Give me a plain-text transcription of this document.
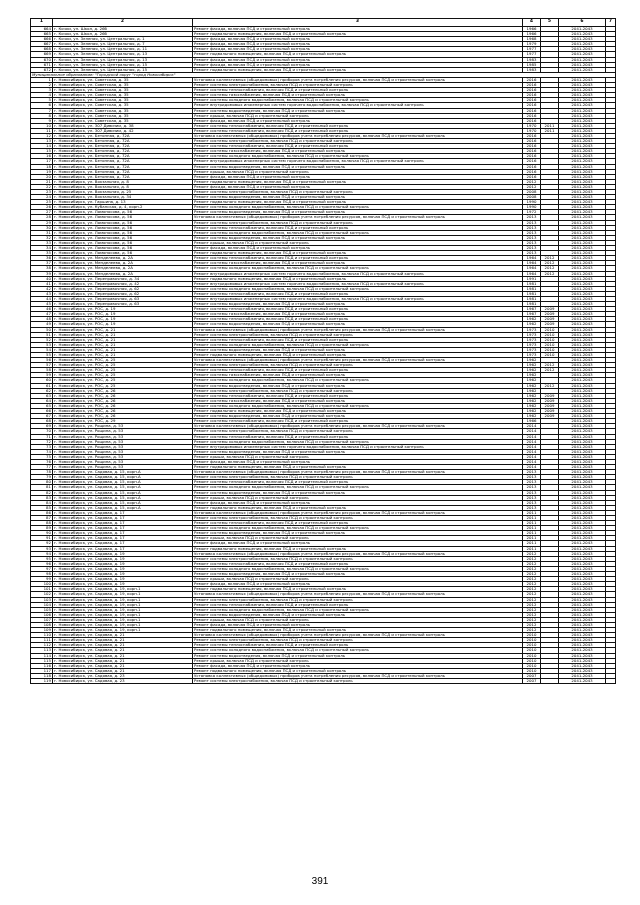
1	2	3	4	5	6	7
664	г. Кочки, ул. Школ, д. 26б	Ремонт фасада, включая ПСД и строительный контроль	1966		2041-2043	
665	г. Кочки, ул. Школ, д. 26б	Ремонт подвального помещения, включая ПСД и строительный контроль	1966		2041-2043	
666	г. Кочки, ул. Зеленая, ул. Центральная, д. 1	Ремонт фасада, включая ПСД и строительный контроль	1968		2041-2043	
667	г. Кочки, ул. Зеленая, ул. Центральная, д. 7	Ремонт фасада, включая ПСД и строительный контроль	1979		2041-2043	
668	г. Кочки, ул. Зеленая, ул. Центральная, д. 11	Ремонт фасада, включая ПСД и строительный контроль	1977		2041-2043	
669	г. Кочки, ул. Зеленая, ул. Центральная, д. 13	Ремонт подвального помещения, включая ПСД и строительный контроль	1977		2041-2043	
670	г. Кочки, ул. Зеленая, ул. Центральная, д. 13	Ремонт фасада, включая ПСД и строительный контроль	1983		2041-2043	
671	г. Кочки, ул. Зеленая, ул. Центральная, д. 15	Ремонт фасада, включая ПСД и строительный контроль	1985		2041-2043	
672	г. Кочки, ул. Зеленая, ул. Центральная, д. 15	Ремонт подвального помещения, включая ПСД и строительный контроль	1983		2041-2043	
Муниципальное образование: "Городской округ "город Новосибирск"						
1	г. Новосибирск, ул. Советская, д. 35	Установка коллективных (общедомовых) приборов учета потребления ресурсов, включая ПСД и строительный контроль	2016		2041-2043	
2	г. Новосибирск, ул. Советская, д. 35	Ремонт системы электроснабжения, включая ПСД и строительный контроль	2016		2041-2043	
3	г. Новосибирск, ул. Советская, д. 35	Ремонт системы теплоснабжения, включая ПСД и строительный контроль	2016		2041-2043	
4	г. Новосибирск, ул. Советская, д. 35	Ремонт системы газоснабжения, включая ПСД и строительный контроль	2016		2041-2043	
5	г. Новосибирск, ул. Советская, д. 35	Ремонт системы холодного водоснабжения, включая ПСД и строительный контроль	2016		2041-2043	
6	г. Новосибирск, ул. Советская, д. 35	Ремонт внутридомовых инженерных систем горячего водоснабжения, включая ПСД и строительный контроль	2016		2041-2043	
7	г. Новосибирск, ул. Советская, д. 35	Ремонт системы водоотведения, включая ПСД и строительный контроль	2016		2041-2043	
8	г. Новосибирск, ул. Советская, д. 35	Ремонт крыши, включая ПСД и строительный контроль	2016		2041-2043	
9	г. Новосибирск, ул. Советская, д. 35	Ремонт фасада, включая ПСД и строительный контроль	2016		2041-2043	
10	г. Новосибирск, ул. 307 Дивизии, д. 38	Ремонт системы теплоснабжения, включая ПСД и строительный контроль	1970	2011	2041-2043	
11	г. Новосибирск, ул. 307 Дивизии, д. 42	Ремонт системы теплоснабжения, включая ПСД и строительный контроль	1970	2011	2041-2043	
12	г. Новосибирск, ул. Бетонная, д. 72А	Установка коллективных (общедомовых) приборов учета потребления ресурсов, включая ПСД и строительный контроль	2016		2041-2043	
13	г. Новосибирск, ул. Бетонная, д. 72А	Ремонт системы электроснабжения, включая ПСД и строительный контроль	2016		2041-2043	
14	г. Новосибирск, ул. Бетонная, д. 72А	Ремонт системы теплоснабжения, включая ПСД и строительный контроль	2016		2041-2043	
15	г. Новосибирск, ул. Бетонная, д. 72А	Ремонт системы газоснабжения, включая ПСД и строительный контроль	2016		2041-2043	
16	г. Новосибирск, ул. Бетонная, д. 72А	Ремонт системы холодного водоснабжения, включая ПСД и строительный контроль	2016		2041-2043	
17	г. Новосибирск, ул. Бетонная, д. 72А	Ремонт внутридомовых инженерных систем горячего водоснабжения, включая ПСД и строительный контроль	2016		2041-2043	
18	г. Новосибирск, ул. Бетонная, д. 72А	Ремонт системы водоотведения, включая ПСД и строительный контроль	2016		2041-2043	
19	г. Новосибирск, ул. Бетонная, д. 72А	Ремонт крыши, включая ПСД и строительный контроль	2016		2041-2043	
20	г. Новосибирск, ул. Бетонная, д. 72А	Ремонт фасада, включая ПСД и строительный контроль	2016		2041-2043	
21	г. Новосибирск, ул. Вокзальная, д. 8	Ремонт подвального помещения, включая ПСД и строительный контроль	2012		2041-2043	
22	г. Новосибирск, ул. Вокзальная, д. 8	Ремонт фасада, включая ПСД и строительный контроль	2012		2041-2043	
23	г. Новосибирск, ул. Вокзальная, д. 25	Ремонт системы электроснабжения, включая ПСД и строительный контроль	2008		2041-2043	
24	г. Новосибирск, ул. Вокзальная, д. 34	Ремонт системы водоотведения, включая ПСД и строительный контроль	2008		2041-2043	
25	г. Новосибирск, ул. Гаршина, д. 13	Ремонт подвального помещения, включая ПСД и строительный контроль	1990		2041-2043	
26	г. Новосибирск, ул. Кубанская, д. 4, корп.2	Ремонт системы холодного водоснабжения, включая ПСД и строительный контроль	1990		2041-2043	
27	г. Новосибирск, ул. Ломоносова, д. 56	Ремонт системы водоотведения, включая ПСД и строительный контроль	1972		2041-2043	
28	г. Новосибирск, ул. Ломоносова, д. 56	Установка коллективных (общедомовых) приборов учета потребления ресурсов, включая ПСД и строительный контроль	2013		2041-2043	
29	г. Новосибирск, ул. Ломоносова, д. 56	Ремонт системы электроснабжения, включая ПСД и строительный контроль	2013		2041-2043	
30	г. Новосибирск, ул. Ломоносова, д. 56	Ремонт системы теплоснабжения, включая ПСД и строительный контроль	2013		2041-2043	
31	г. Новосибирск, ул. Ломоносова, д. 56	Ремонт системы холодного водоснабжения, включая ПСД и строительный контроль	2013		2041-2043	
32	г. Новосибирск, ул. Ломоносова, д. 56	Ремонт системы водоотведения, включая ПСД и строительный контроль	2013		2041-2043	
33	г. Новосибирск, ул. Ломоносова, д. 56	Ремонт крыши, включая ПСД и строительный контроль	2013		2041-2043	
34	г. Новосибирск, ул. Ломоносова, д. 56	Ремонт фасада, включая ПСД и строительный контроль	2013		2041-2043	
35	г. Новосибирск, ул. Ломоносова, д. 56	Ремонт подвального помещения, включая ПСД и строительный контроль	2013		2041-2043	
36	г. Новосибирск, ул. Менделеева, д. 2А	Ремонт системы теплоснабжения, включая ПСД и строительный контроль	1964	2012	2041-2043	
37	г. Новосибирск, ул. Менделеева, д. 2А	Ремонт системы газоснабжения, включая ПСД и строительный контроль	1964	2012	2041-2043	
38	г. Новосибирск, ул. Менделеева, д. 2А	Ремонт системы холодного водоснабжения, включая ПСД и строительный контроль	1964	2012	2041-2043	
39	г. Новосибирск, ул. Менделеева, д. 2А	Ремонт внутридомовых инженерных систем горячего водоснабжения, включая ПСД и строительный контроль	1964	2012	2041-2043	
40	г. Новосибирск, ул. Переправочная, д. 34	Ремонт подвального помещения, включая ПСД и строительный контроль	1991		2041-2043	
41	г. Новосибирск, ул. Переправочная, д. 42	Ремонт внутридомовых инженерных систем горячего водоснабжения, включая ПСД и строительный контроль	1981		2041-2043	
42	г. Новосибирск, ул. Переправочная, д. 62	Ремонт системы холодного водоснабжения, включая ПСД и строительный контроль	1981		2041-2043	
43	г. Новосибирск, ул. Переправочная, д. 62	Ремонт системы теплоснабжения, включая ПСД и строительный контроль	1981		2041-2043	
44	г. Новосибирск, ул. Переправочная, д. 63	Ремонт внутридомовых инженерных систем горячего водоснабжения, включая ПСД и строительный контроль	1981		2041-2043	
45	г. Новосибирск, ул. Переправочная, д. 63	Ремонт системы водоотведения, включая ПСД и строительный контроль	1981		2041-2043	
46	г. Новосибирск, ул. РОС, д. 19	Ремонт системы теплоснабжения, включая ПСД и строительный контроль	1967	2009	2041-2043	
47	г. Новосибирск, ул. РОС, д. 19	Ремонт системы газоснабжения, включая ПСД и строительный контроль	1967	2009	2041-2043	
48	г. Новосибирск, ул. РОС, д. 19	Ремонт системы теплоснабжения, включая ПСД и строительный контроль	1962	2009	2041-2043	
49	г. Новосибирск, ул. РОС, д. 19	Ремонт системы водоотведения, включая ПСД и строительный контроль	1962	2009	2041-2043	
50	г. Новосибирск, ул. РОС, д. 21	Установка коллективных (общедомовых) приборов учета потребления ресурсов, включая ПСД и строительный контроль	1973	2010	2041-2043	
51	г. Новосибирск, ул. РОС, д. 21	Ремонт системы электроснабжения, включая ПСД и строительный контроль	1973	2010	2041-2043	
52	г. Новосибирск, ул. РОС, д. 21	Ремонт системы теплоснабжения, включая ПСД и строительный контроль	1973	2010	2041-2043	
53	г. Новосибирск, ул. РОС, д. 21	Ремонт системы холодного водоснабжения, включая ПСД и строительный контроль	1973	2010	2041-2043	
54	г. Новосибирск, ул. РОС, д. 21	Ремонт системы водоотведения, включая ПСД и строительный контроль	1973	2010	2041-2043	
55	г. Новосибирск, ул. РОС, д. 21	Ремонт подвального помещения, включая ПСД и строительный контроль	1973	2010	2041-2043	
56	г. Новосибирск, ул. РОС, д. 25	Установка коллективных (общедомовых) приборов учета потребления ресурсов, включая ПСД и строительный контроль	1962		2041-2043	
57	г. Новосибирск, ул. РОС, д. 25	Ремонт системы электроснабжения, включая ПСД и строительный контроль	1962	2012	2041-2043	
58	г. Новосибирск, ул. РОС, д. 25	Ремонт системы теплоснабжения, включая ПСД и строительный контроль	1962	2012	2041-2043	
59	г. Новосибирск, ул. РОС, д. 25	Ремонт системы газоснабжения, включая ПСД и строительный контроль	1962		2041-2043	
60	г. Новосибирск, ул. РОС, д. 25	Ремонт системы холодного водоснабжения, включая ПСД и строительный контроль	1962		2041-2043	
61	г. Новосибирск, ул. РОС, д. 25	Ремонт системы водоотведения, включая ПСД и строительный контроль	1962	2012	2041-2043	
62	г. Новосибирск, ул. РОС, д. 26	Ремонт системы электроснабжения, включая ПСД и строительный контроль	1962		2041-2043	
63	г. Новосибирск, ул. РОС, д. 26	Ремонт системы теплоснабжения, включая ПСД и строительный контроль	1962	2009	2041-2043	
64	г. Новосибирск, ул. РОС, д. 26	Ремонт системы газоснабжения, включая ПСД и строительный контроль	1962	2009	2041-2043	
65	г. Новосибирск, ул. РОС, д. 26	Ремонт системы холодного водоснабжения, включая ПСД и строительный контроль	1962	2009	2041-2043	
66	г. Новосибирск, ул. РОС, д. 26	Ремонт подвального помещения, включая ПСД и строительный контроль	1962	2009	2041-2043	
67	г. Новосибирск, ул. РОС, д. 26	Ремонт системы водоотведения, включая ПСД и строительный контроль	1962	2009	2041-2043	
68	г. Новосибирск, ул. РОС, д. 29	Ремонт системы теплоснабжения, включая ПСД и строительный контроль	1966		2041-2043	
69	г. Новосибирск, ул. Рощина, д. 53	Установка коллективных (общедомовых) приборов учета потребления ресурсов, включая ПСД и строительный контроль	2014		2041-2043	
70	г. Новосибирск, ул. Рощина, д. 53	Ремонт системы электроснабжения, включая ПСД и строительный контроль	2014		2041-2043	
71	г. Новосибирск, ул. Рощина, д. 53	Ремонт системы теплоснабжения, включая ПСД и строительный контроль	2014		2041-2043	
72	г. Новосибирск, ул. Рощина, д. 53	Ремонт системы холодного водоснабжения, включая ПСД и строительный контроль	2014		2041-2043	
73	г. Новосибирск, ул. Рощина, д. 53	Ремонт внутридомовых инженерных систем горячего водоснабжения, включая ПСД и строительный контроль	2014		2041-2043	
74	г. Новосибирск, ул. Рощина, д. 53	Ремонт системы водоотведения, включая ПСД и строительный контроль	2014		2041-2043	
75	г. Новосибирск, ул. Рощина, д. 53	Ремонт крыши, включая ПСД и строительный контроль	2014		2041-2043	
76	г. Новосибирск, ул. Рощина, д. 53	Ремонт фасада, включая ПСД и строительный контроль	2014		2041-2043	
77	г. Новосибирск, ул. Рощина, д. 53	Ремонт подвального помещения, включая ПСД и строительный контроль	2014		2041-2043	
78	г. Новосибирск, ул. Садовая, д. 15, корп.А	Установка коллективных (общедомовых) приборов учета потребления ресурсов, включая ПСД и строительный контроль	2013		2041-2043	
79	г. Новосибирск, ул. Садовая, д. 15, корп.А	Ремонт системы электроснабжения, включая ПСД и строительный контроль	2013		2041-2043	
80	г. Новосибирск, ул. Садовая, д. 15, корп.А	Ремонт системы теплоснабжения, включая ПСД и строительный контроль	2013		2041-2043	
81	г. Новосибирск, ул. Садовая, д. 15, корп.А	Ремонт системы холодного водоснабжения, включая ПСД и строительный контроль	2013		2041-2043	
82	г. Новосибирск, ул. Садовая, д. 15, корп.А	Ремонт системы водоотведения, включая ПСД и строительный контроль	2013		2041-2043	
83	г. Новосибирск, ул. Садовая, д. 15, корп.А	Ремонт крыши, включая ПСД и строительный контроль	2013		2041-2043	
84	г. Новосибирск, ул. Садовая, д. 15, корп.А	Ремонт фасада, включая ПСД и строительный контроль	2013		2041-2043	
85	г. Новосибирск, ул. Садовая, д. 15, корп.А	Ремонт подвального помещения, включая ПСД и строительный контроль	2013		2041-2043	
86	г. Новосибирск, ул. Садовая, д. 17	Установка коллективных (общедомовых) приборов учета потребления ресурсов, включая ПСД и строительный контроль	2011		2041-2043	
87	г. Новосибирск, ул. Садовая, д. 17	Ремонт системы электроснабжения, включая ПСД и строительный контроль	2011		2041-2043	
88	г. Новосибирск, ул. Садовая, д. 17	Ремонт системы теплоснабжения, включая ПСД и строительный контроль	2011		2041-2043	
89	г. Новосибирск, ул. Садовая, д. 17	Ремонт системы холодного водоснабжения, включая ПСД и строительный контроль	2011		2041-2043	
90	г. Новосибирск, ул. Садовая, д. 17	Ремонт системы водоотведения, включая ПСД и строительный контроль	2011		2041-2043	
91	г. Новосибирск, ул. Садовая, д. 17	Ремонт крыши, включая ПСД и строительный контроль	2011		2041-2043	
92	г. Новосибирск, ул. Садовая, д. 17	Ремонт фасада, включая ПСД и строительный контроль	2011		2041-2043	
93	г. Новосибирск, ул. Садовая, д. 17	Ремонт подвального помещения, включая ПСД и строительный контроль	2011		2041-2043	
94	г. Новосибирск, ул. Садовая, д. 19	Установка коллективных (общедомовых) приборов учета потребления ресурсов, включая ПСД и строительный контроль	2012		2041-2043	
95	г. Новосибирск, ул. Садовая, д. 19	Ремонт системы электроснабжения, включая ПСД и строительный контроль	2012		2041-2043	
96	г. Новосибирск, ул. Садовая, д. 19	Ремонт системы теплоснабжения, включая ПСД и строительный контроль	2012		2041-2043	
97	г. Новосибирск, ул. Садовая, д. 19	Ремонт системы холодного водоснабжения, включая ПСД и строительный контроль	2012		2041-2043	
98	г. Новосибирск, ул. Садовая, д. 19	Ремонт системы водоотведения, включая ПСД и строительный контроль	2012		2041-2043	
99	г. Новосибирск, ул. Садовая, д. 19	Ремонт крыши, включая ПСД и строительный контроль	2012		2041-2043	
100	г. Новосибирск, ул. Садовая, д. 19	Ремонт фасада, включая ПСД и строительный контроль	2012		2041-2043	
101	г. Новосибирск, ул. Садовая, д. 19, корп.1	Ремонт подвального помещения, включая ПСД и строительный контроль	2012		2041-2043	
102	г. Новосибирск, ул. Садовая, д. 19, корп.1	Установка коллективных (общедомовых) приборов учета потребления ресурсов, включая ПСД и строительный контроль	2012		2041-2043	
103	г. Новосибирск, ул. Садовая, д. 19, корп.1	Ремонт системы электроснабжения, включая ПСД и строительный контроль	2012		2041-2043	
104	г. Новосибирск, ул. Садовая, д. 19, корп.1	Ремонт системы теплоснабжения, включая ПСД и строительный контроль	2012		2041-2043	
105	г. Новосибирск, ул. Садовая, д. 19, корп.1	Ремонт системы холодного водоснабжения, включая ПСД и строительный контроль	2012		2041-2043	
106	г. Новосибирск, ул. Садовая, д. 19, корп.1	Ремонт системы водоотведения, включая ПСД и строительный контроль	2012		2041-2043	
107	г. Новосибирск, ул. Садовая, д. 19, корп.1	Ремонт крыши, включая ПСД и строительный контроль	2012		2041-2043	
108	г. Новосибирск, ул. Садовая, д. 19, корп.1	Ремонт фасада, включая ПСД и строительный контроль	2012		2041-2043	
109	г. Новосибирск, ул. Садовая, д. 19, корп.1	Ремонт подвального помещения, включая ПСД и строительный контроль	2012		2041-2043	
110	г. Новосибирск, ул. Садовая, д. 21	Установка коллективных (общедомовых) приборов учета потребления ресурсов, включая ПСД и строительный контроль	2010		2041-2043	
111	г. Новосибирск, ул. Садовая, д. 21	Ремонт системы электроснабжения, включая ПСД и строительный контроль	2010		2041-2043	
112	г. Новосибирск, ул. Садовая, д. 21	Ремонт системы теплоснабжения, включая ПСД и строительный контроль	2010		2041-2043	
113	г. Новосибирск, ул. Садовая, д. 21	Ремонт системы холодного водоснабжения, включая ПСД и строительный контроль	2010		2041-2043	
114	г. Новосибирск, ул. Садовая, д. 21	Ремонт системы водоотведения, включая ПСД и строительный контроль	2010		2041-2043	
115	г. Новосибирск, ул. Садовая, д. 21	Ремонт крыши, включая ПСД и строительный контроль	2010		2041-2043	
116	г. Новосибирск, ул. Садовая, д. 21	Ремонт фасада, включая ПСД и строительный контроль	2010		2041-2043	
117	г. Новосибирск, ул. Садовая, д. 21	Ремонт подвального помещения, включая ПСД и строительный контроль	2010		2041-2043	
118	г. Новосибирск, ул. Садовая, д. 23	Установка коллективных (общедомовых) приборов учета потребления ресурсов, включая ПСД и строительный контроль	2007		2041-2043	
119	г. Новосибирск, ул. Садовая, д. 23	Ремонт системы электроснабжения, включая ПСД и строительный контроль	2007		2041-2043	
391
